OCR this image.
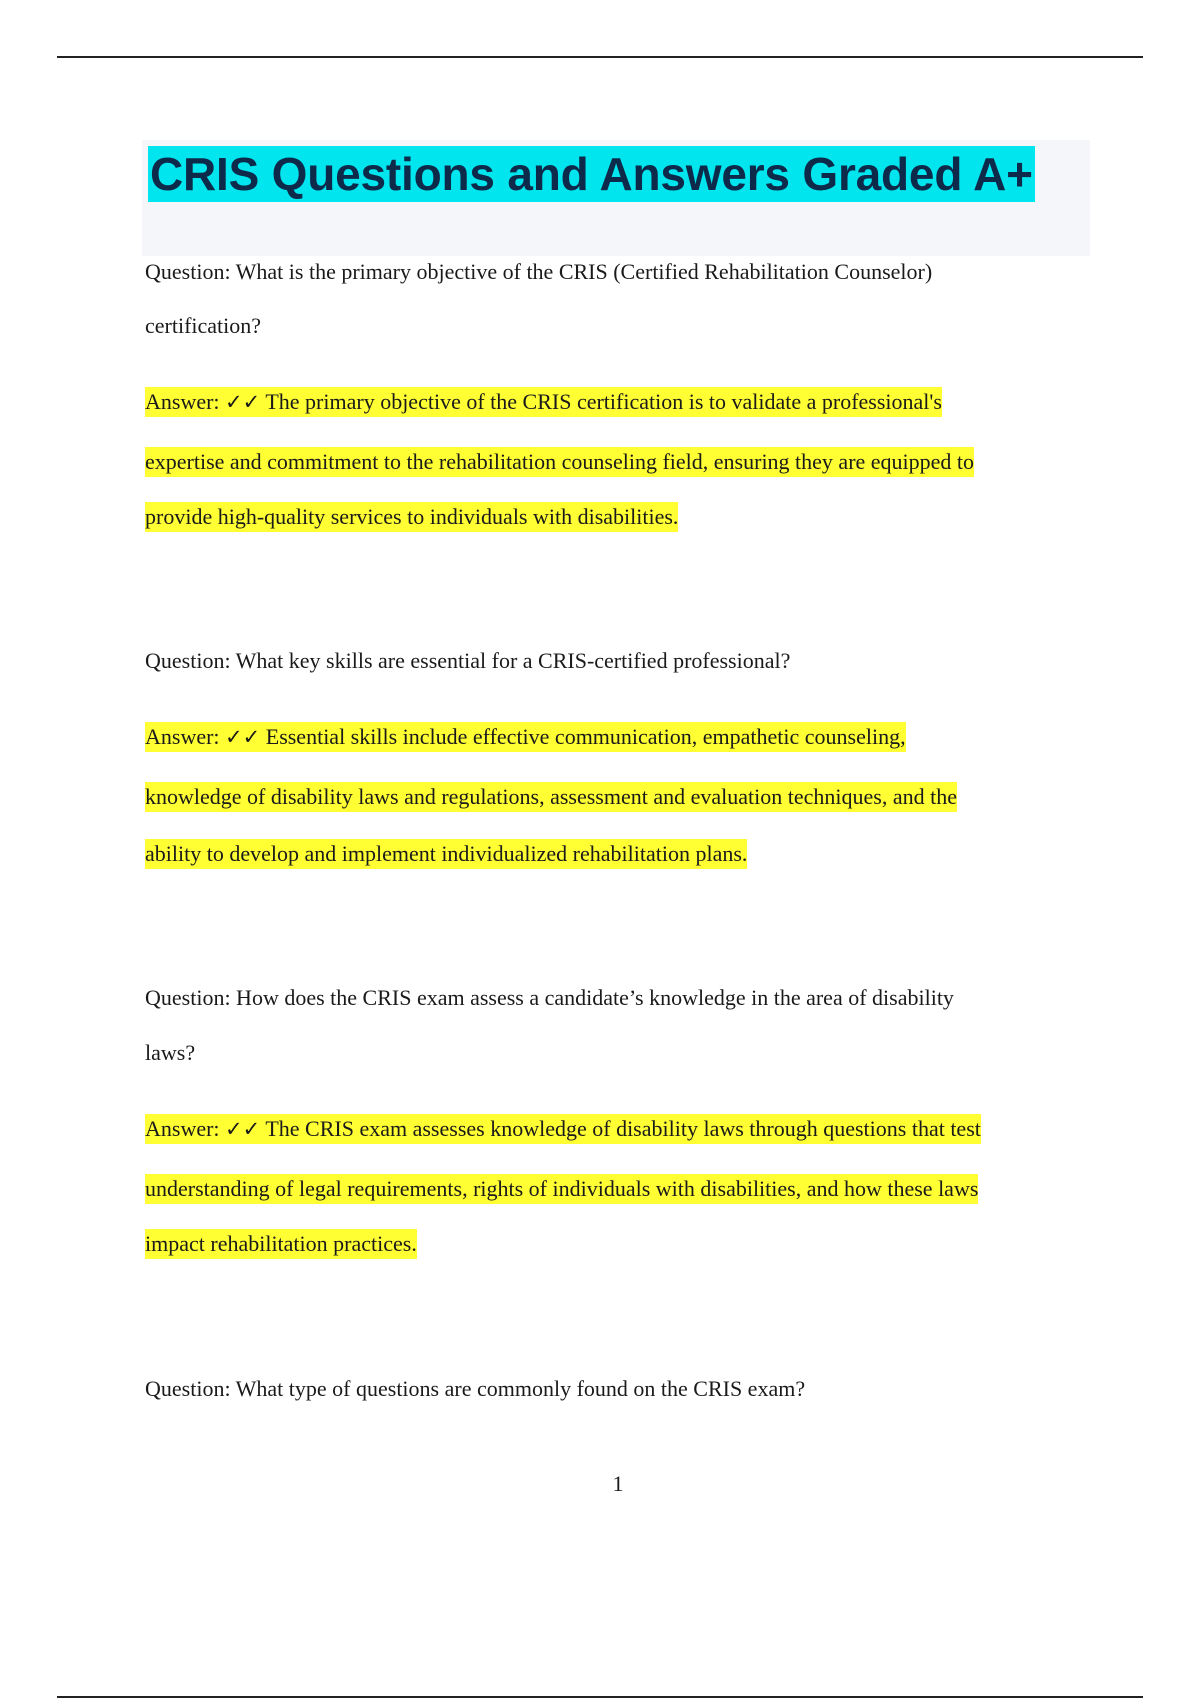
CRIS Questions and Answers Graded A+
Question: What is the primary objective of the CRIS (Certified Rehabilitation Counselor)
certification?
Answer: ✓✓ The primary objective of the CRIS certification is to validate a professional's
expertise and commitment to the rehabilitation counseling field, ensuring they are equipped to
provide high-quality services to individuals with disabilities.
Question: What key skills are essential for a CRIS-certified professional?
Answer: ✓✓ Essential skills include effective communication, empathetic counseling,
knowledge of disability laws and regulations, assessment and evaluation techniques, and the
ability to develop and implement individualized rehabilitation plans.
Question: How does the CRIS exam assess a candidate’s knowledge in the area of disability
laws?
Answer: ✓✓ The CRIS exam assesses knowledge of disability laws through questions that test
understanding of legal requirements, rights of individuals with disabilities, and how these laws
impact rehabilitation practices.
Question: What type of questions are commonly found on the CRIS exam?
1
